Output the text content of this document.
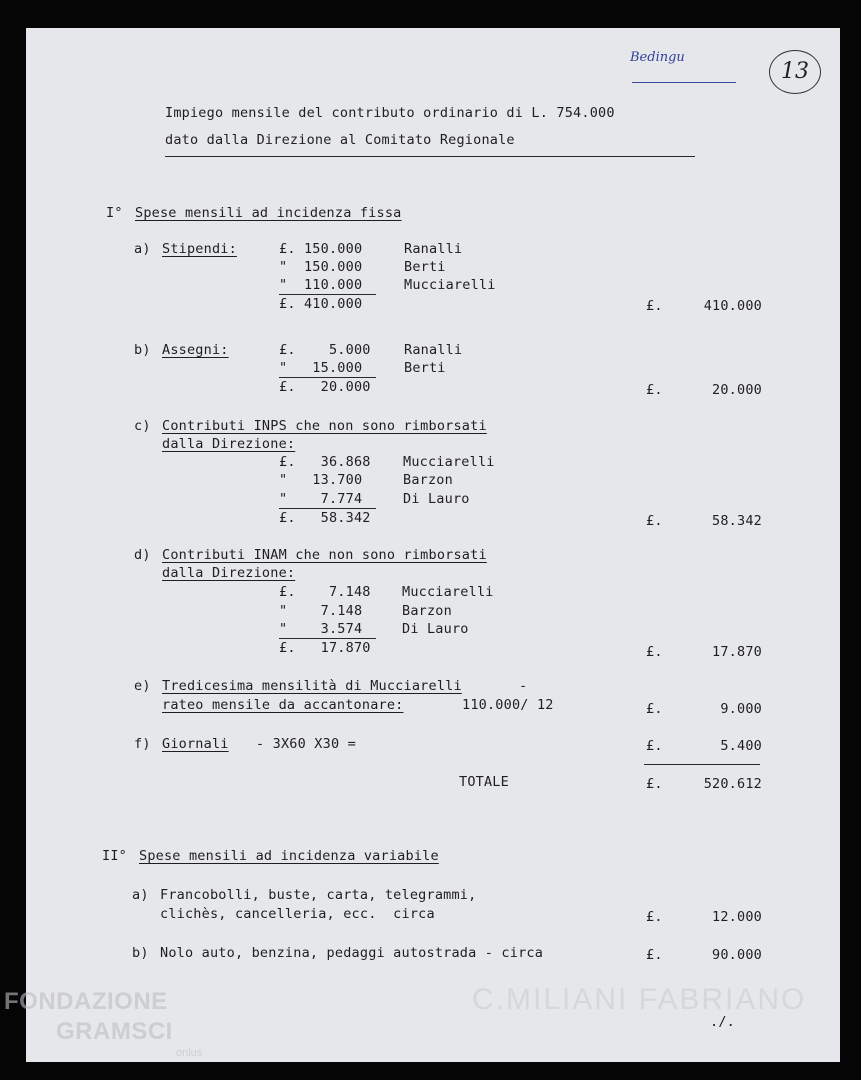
C.MILIANI FABRIANO
Bedingu
13
Impiego mensile del contributo ordinario di L. 754.000
dato dalla Direzione al Comitato Regionale
I° Spese mensili ad incidenza fissa
a) Stipendi:	£. 150.000	Ranalli
"  150.000	Berti
"  110.000	Mucciarelli
£. 410.000	£.	410.000
b) Assegni:	£.    5.000 Ranalli
"   15.000	Berti
£.   20.000	£.	20.000
c) Contributi INPS che non sono rimborsati
dalla Direzione:
£.   36.868 Mucciarelli
"   13.700	Barzon
"    7.774	Di Lauro
£.   58.342	£.	58.342
d) Contributi INAM che non sono rimborsati
dalla Direzione:
£.    7.148 Mucciarelli
"    7.148	Barzon
"    3.574	Di Lauro
£.   17.870	£.	17.870
e) Tredicesima mensilità di Mucciarelli	-
rateo mensile da accantonare:	110.000/ 12	£.	9.000
f) Giornali - 3X60 X30 =	£.	5.400
TOTALE	£.	520.612
II° Spese mensili ad incidenza variabile
a) Francobolli, buste, carta, telegrammi,
clichès, cancelleria, ecc.  circa	£.	12.000
b) Nolo auto, benzina, pedaggi autostrada - circa	£.	90.000
./.
FONDAZIONE
GRAMSCI
onlus
